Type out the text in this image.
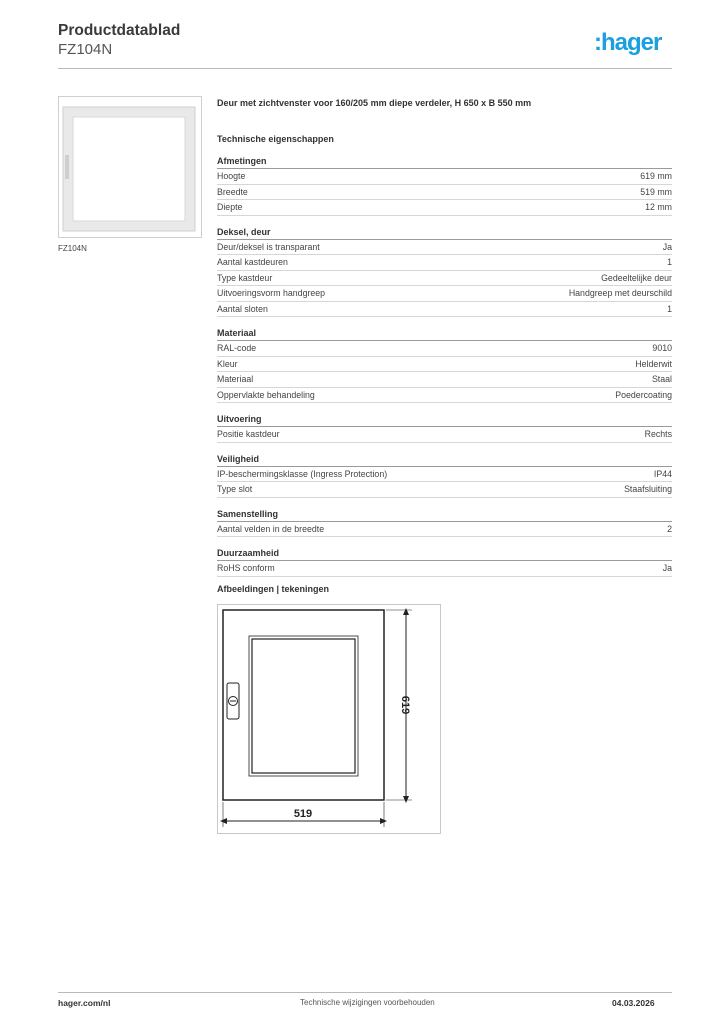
Productdatablad
FZ104N	:hager
FZ104N
Deur met zichtvenster voor 160/205 mm diepe verdeler, H 650 x B 550 mm
Technische eigenschappen
Afmetingen
Hoogte	619 mm
Breedte	519 mm
Diepte	12 mm
Deksel, deur
Deur/deksel is transparant	Ja
Aantal kastdeuren	1
Type kastdeur	Gedeeltelijke deur
Uitvoeringsvorm handgreep	Handgreep met deurschild
Aantal sloten	1
Materiaal
RAL-code	9010
Kleur	Helderwit
Materiaal	Staal
Oppervlakte behandeling	Poedercoating
Uitvoering
Positie kastdeur	Rechts
Veiligheid
IP-beschermingsklasse (Ingress Protection)	IP44
Type slot	Staafsluiting
Samenstelling
Aantal velden in de breedte	2
Duurzaamheid
RoHS conform	Ja
Afbeeldingen | tekeningen
619
519
hager.com/nl	Technische wijzigingen voorbehouden	04.03.2026
